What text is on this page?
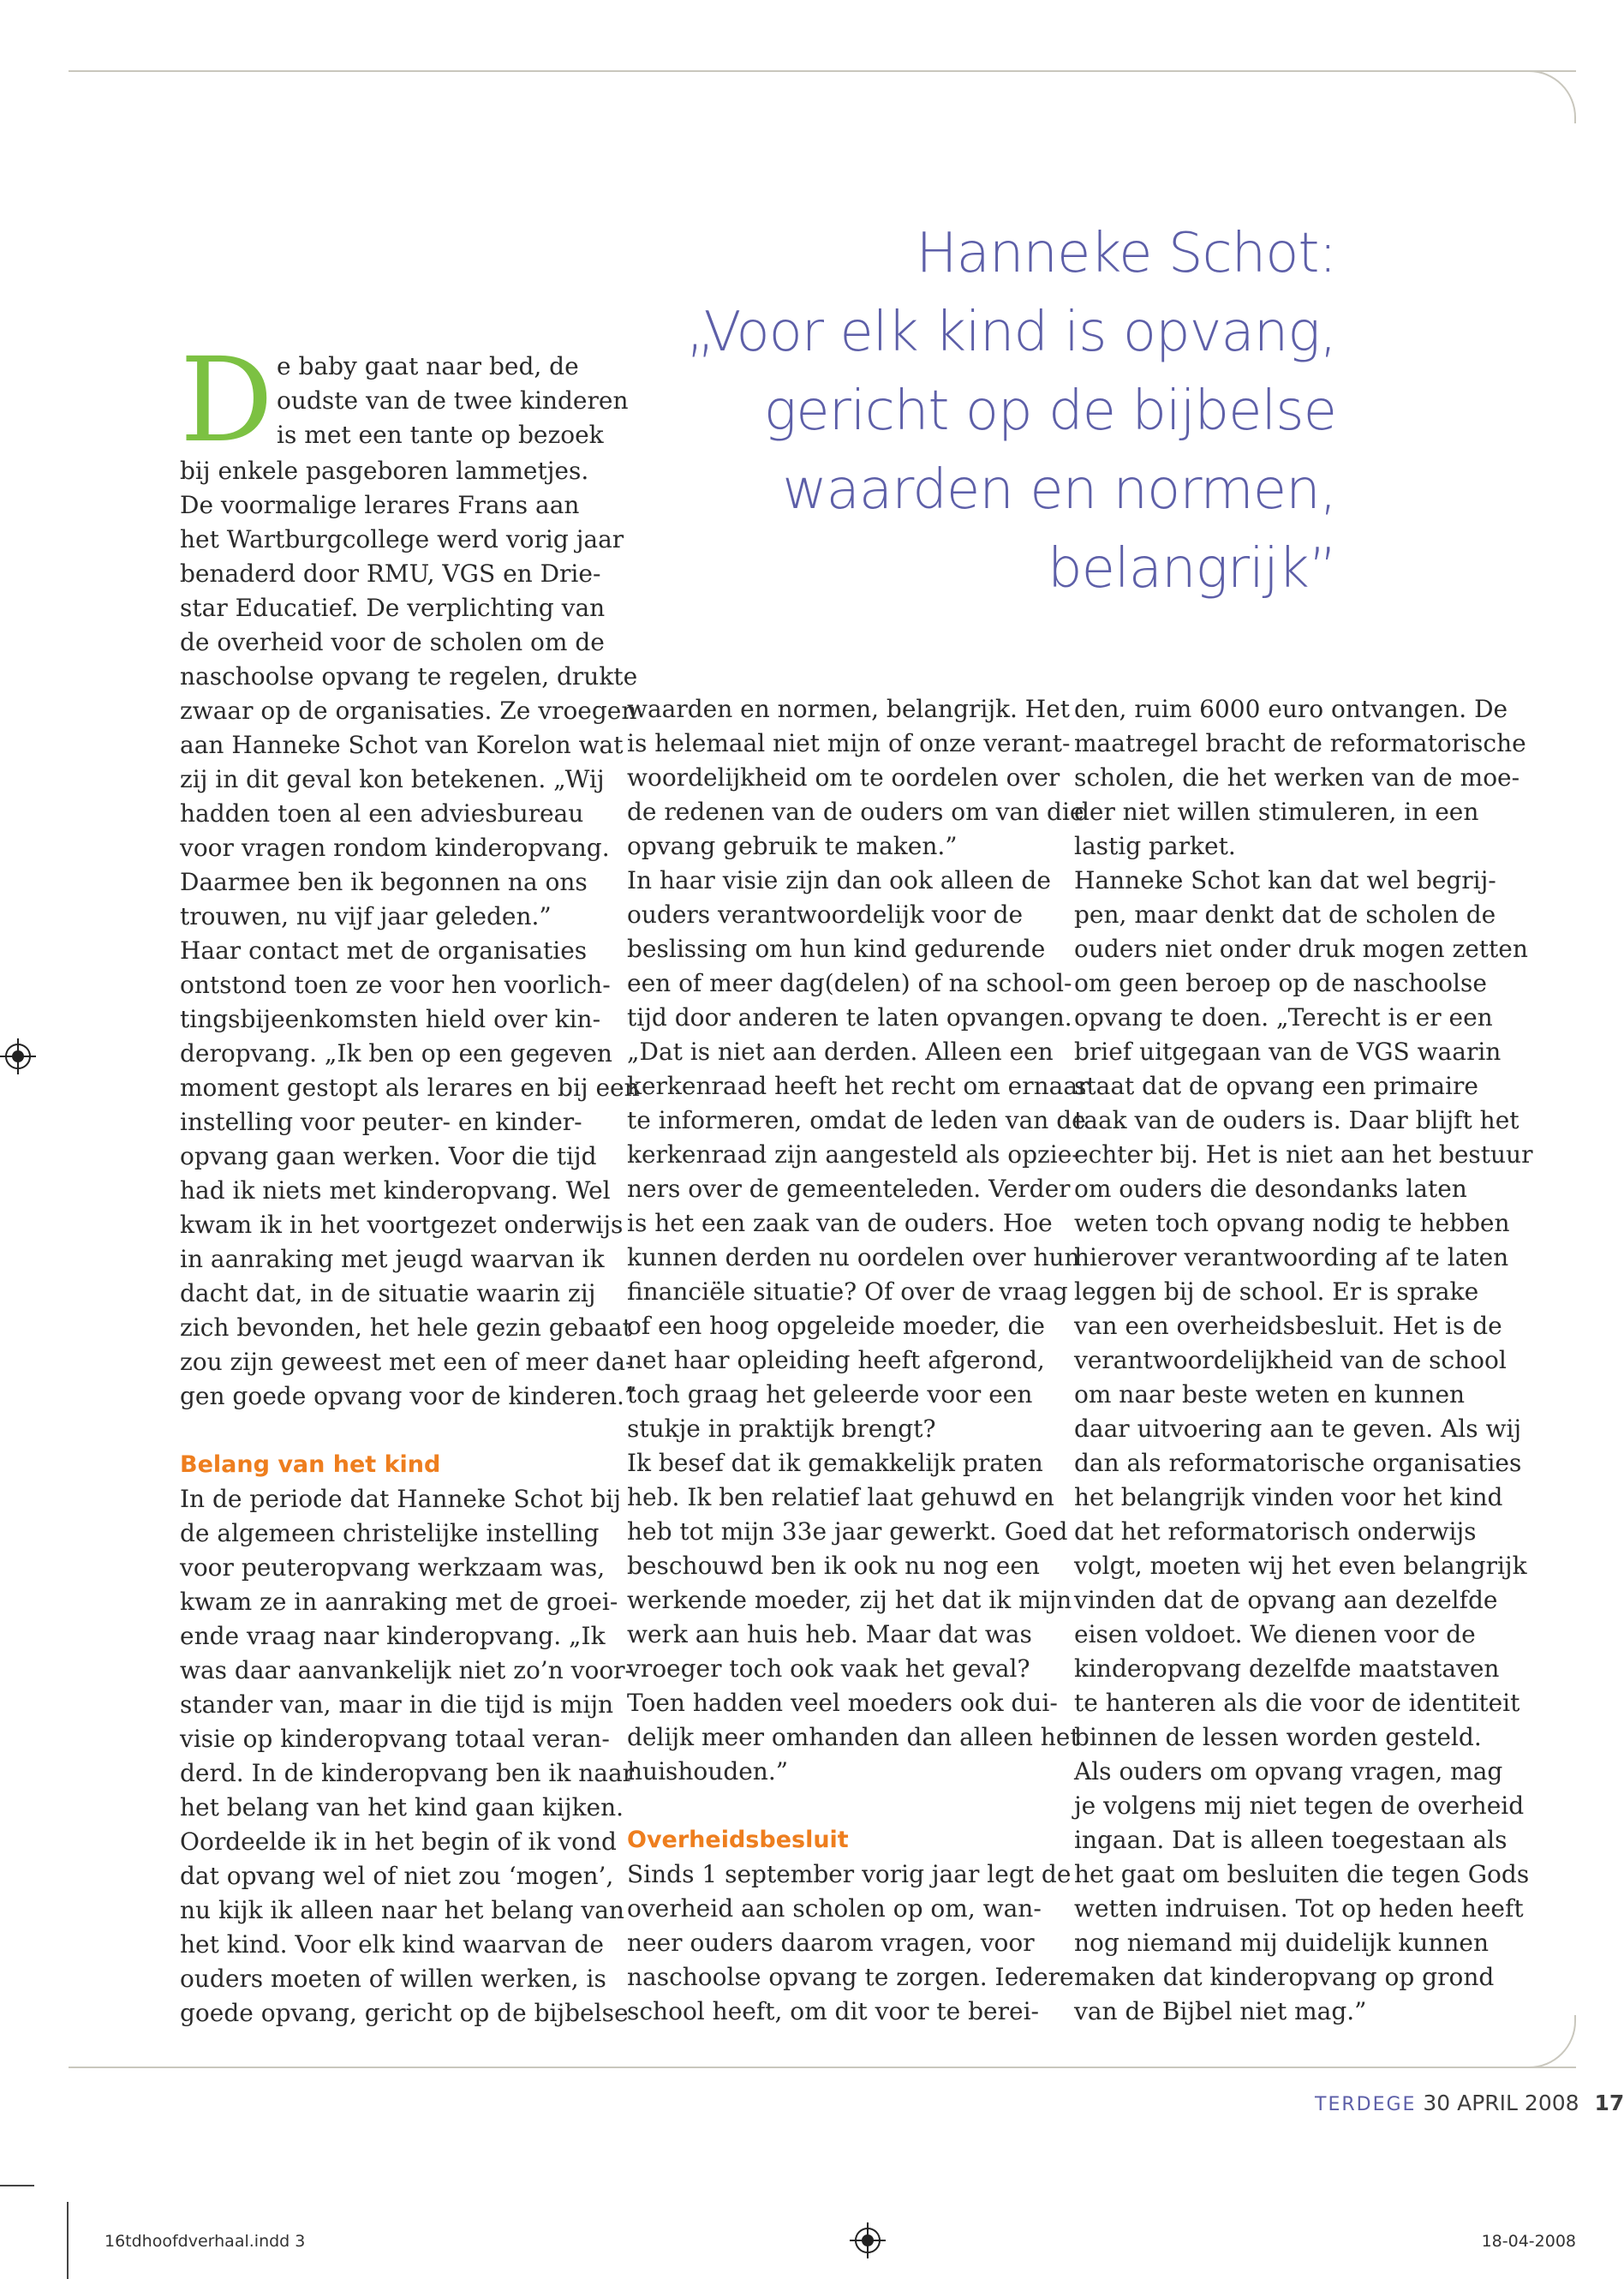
Hanneke Schot:
„Voor elk kind is opvang,
gericht op de bijbelse
waarden en normen,
belangrijk”
D e baby gaat naar bed, de
oudste van de twee kinderen
is met een tante op bezoek
bij enkele pasgeboren lammetjes.
De voormalige lerares Frans aan
het Wartburgcollege werd vorig jaar
benaderd door RMU, VGS en Drie-
star Educatief. De verplichting van
de overheid voor de scholen om de
naschoolse opvang te regelen, drukte
zwaar op de organisaties. Ze vroegen
aan Hanneke Schot van Korelon wat
zij in dit geval kon betekenen. „Wij
hadden toen al een adviesbureau
voor vragen rondom kinderopvang.
Daarmee ben ik begonnen na ons
trouwen, nu vijf jaar geleden.”
Haar contact met de organisaties
ontstond toen ze voor hen voorlich-
tingsbijeenkomsten hield over kin-
deropvang. „Ik ben op een gegeven
moment gestopt als lerares en bij een
instelling voor peuter- en kinder-
opvang gaan werken. Voor die tijd
had ik niets met kinderopvang. Wel
kwam ik in het voortgezet onderwijs
in aanraking met jeugd waarvan ik
dacht dat, in de situatie waarin zij
zich bevonden, het hele gezin gebaat
zou zijn geweest met een of meer da-
gen goede opvang voor de kinderen.”
Belang van het kind
In de periode dat Hanneke Schot bij
de algemeen christelijke instelling
voor peuteropvang werkzaam was,
kwam ze in aanraking met de groei-
ende vraag naar kinderopvang. „Ik
was daar aanvankelijk niet zo’n voor-
stander van, maar in die tijd is mijn
visie op kinderopvang totaal veran-
derd. In de kinderopvang ben ik naar
het belang van het kind gaan kijken.
Oordeelde ik in het begin of ik vond
dat opvang wel of niet zou ‘mogen’,
nu kijk ik alleen naar het belang van
het kind. Voor elk kind waarvan de
ouders moeten of willen werken, is
goede opvang, gericht op de bijbelse
waarden en normen, belangrijk. Het
is helemaal niet mijn of onze verant-
woordelijkheid om te oordelen over
de redenen van de ouders om van die
opvang gebruik te maken.”
In haar visie zijn dan ook alleen de
ouders verantwoordelijk voor de
beslissing om hun kind gedurende
een of meer dag(delen) of na school-
tijd door anderen te laten opvangen.
„Dat is niet aan derden. Alleen een
kerkenraad heeft het recht om ernaar
te informeren, omdat de leden van de
kerkenraad zijn aangesteld als opzie-
ners over de gemeenteleden. Verder
is het een zaak van de ouders. Hoe
kunnen derden nu oordelen over hun
financiële situatie? Of over de vraag
of een hoog opgeleide moeder, die
net haar opleiding heeft afgerond,
toch graag het geleerde voor een
stukje in praktijk brengt?
Ik besef dat ik gemakkelijk praten
heb. Ik ben relatief laat gehuwd en
heb tot mijn 33e jaar gewerkt. Goed
beschouwd ben ik ook nu nog een
werkende moeder, zij het dat ik mijn
werk aan huis heb. Maar dat was
vroeger toch ook vaak het geval?
Toen hadden veel moeders ook dui-
delijk meer omhanden dan alleen het
huishouden.”
Overheidsbesluit
Sinds 1 september vorig jaar legt de
overheid aan scholen op om, wan-
neer ouders daarom vragen, voor
naschoolse opvang te zorgen. Iedere
school heeft, om dit voor te berei-
den, ruim 6000 euro ontvangen. De
maatregel bracht de reformatorische
scholen, die het werken van de moe-
der niet willen stimuleren, in een
lastig parket.
Hanneke Schot kan dat wel begrij-
pen, maar denkt dat de scholen de
ouders niet onder druk mogen zetten
om geen beroep op de naschoolse
opvang te doen. „Terecht is er een
brief uitgegaan van de VGS waarin
staat dat de opvang een primaire
taak van de ouders is. Daar blijft het
echter bij. Het is niet aan het bestuur
om ouders die desondanks laten
weten toch opvang nodig te hebben
hierover verantwoording af te laten
leggen bij de school. Er is sprake
van een overheidsbesluit. Het is de
verantwoordelijkheid van de school
om naar beste weten en kunnen
daar uitvoering aan te geven. Als wij
dan als reformatorische organisaties
het belangrijk vinden voor het kind
dat het reformatorisch onderwijs
volgt, moeten wij het even belangrijk
vinden dat de opvang aan dezelfde
eisen voldoet. We dienen voor de
kinderopvang dezelfde maatstaven
te hanteren als die voor de identiteit
binnen de lessen worden gesteld.
Als ouders om opvang vragen, mag
je volgens mij niet tegen de overheid
ingaan. Dat is alleen toegestaan als
het gaat om besluiten die tegen Gods
wetten indruisen. Tot op heden heeft
nog niemand mij duidelijk kunnen
maken dat kinderopvang op grond
van de Bijbel niet mag.”
TERDEGE 30 APRIL 2008 17
16tdhoofdverhaal.indd 3	18-04-2008
